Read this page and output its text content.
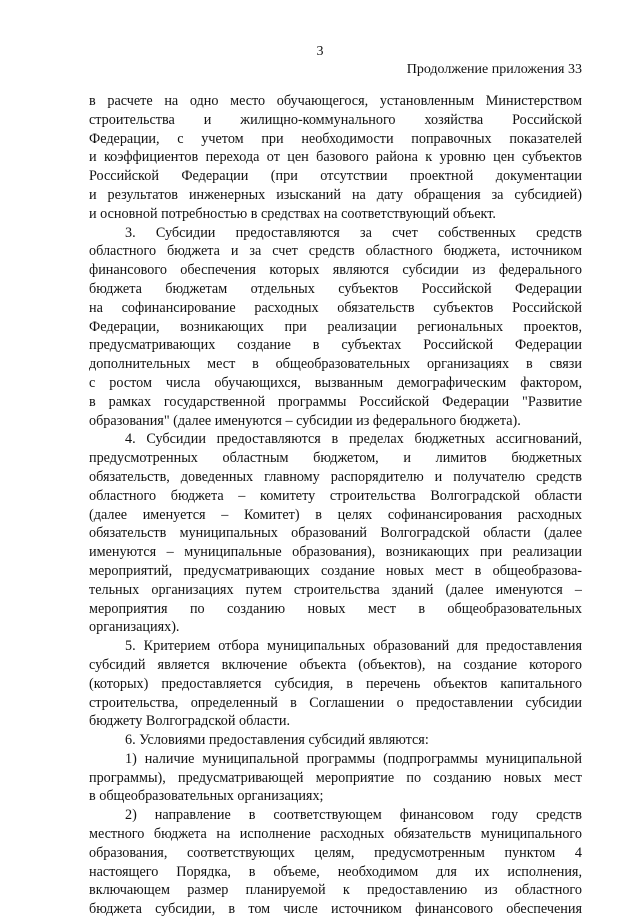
3
Продолжение приложения 33
в расчете на одно место обучающегося, установленным Министерством
строительства и жилищно-коммунального хозяйства Российской
Федерации, с учетом при необходимости поправочных показателей
и коэффициентов перехода от цен базового района к уровню цен субъектов
Российской Федерации (при отсутствии проектной документации
и результатов инженерных изысканий на дату обращения за субсидией)
и основной потребностью в средствах на соответствующий объект.
3. Субсидии предоставляются за счет собственных средств
областного бюджета и за счет средств областного бюджета, источником
финансового обеспечения которых являются субсидии из федерального
бюджета бюджетам отдельных субъектов Российской Федерации
на софинансирование расходных обязательств субъектов Российской
Федерации, возникающих при реализации региональных проектов,
предусматривающих создание в субъектах Российской Федерации
дополнительных мест в общеобразовательных организациях в связи
с ростом числа обучающихся, вызванным демографическим фактором,
в рамках государственной программы Российской Федерации "Развитие
образования" (далее именуются – субсидии из федерального бюджета).
4. Субсидии предоставляются в пределах бюджетных ассигнований,
предусмотренных областным бюджетом, и лимитов бюджетных
обязательств, доведенных главному распорядителю и получателю средств
областного бюджета – комитету строительства Волгоградской области
(далее именуется – Комитет) в целях софинансирования расходных
обязательств муниципальных образований Волгоградской области (далее
именуются – муниципальные образования), возникающих при реализации
мероприятий, предусматривающих создание новых мест в общеобразова-
тельных организациях путем строительства зданий (далее именуются –
мероприятия по созданию новых мест в общеобразовательных
организациях).
5. Критерием отбора муниципальных образований для предоставления
субсидий является включение объекта (объектов), на создание которого
(которых) предоставляется субсидия, в перечень объектов капитального
строительства, определенный в Соглашении о предоставлении субсидии
бюджету Волгоградской области.
6. Условиями предоставления субсидий являются:
1) наличие муниципальной программы (подпрограммы муниципальной
программы), предусматривающей мероприятие по созданию новых мест
в общеобразовательных организациях;
2) направление в соответствующем финансовом году средств
местного бюджета на исполнение расходных обязательств муниципального
образования, соответствующих целям, предусмотренным пунктом 4
настоящего Порядка, в объеме, необходимом для их исполнения,
включающем размер планируемой к предоставлению из областного
бюджета субсидии, в том числе источником финансового обеспечения
